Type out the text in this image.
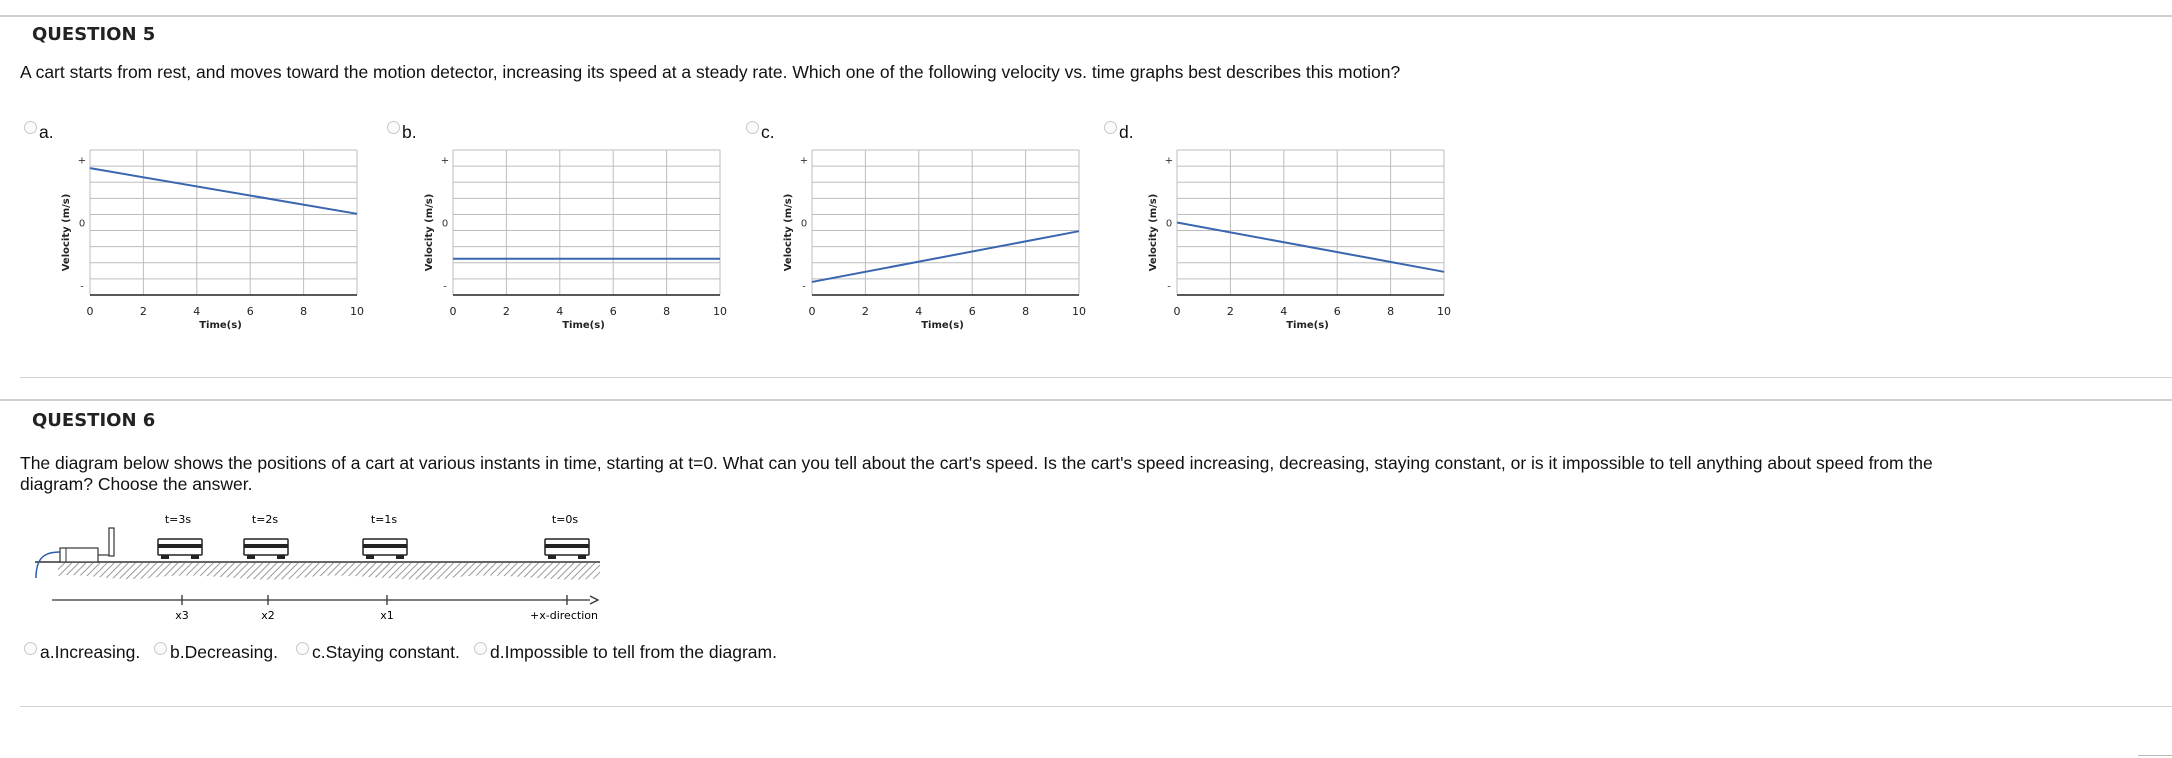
QUESTION 5
A cart starts from rest, and moves toward the motion detector, increasing its speed at a steady rate. Which one of the following velocity vs. time graphs best describes this motion?
a.	b.	c.	d.
+
0
-
0	2	4	6	8	10
Time(s)
Velocity (m/s)
+
0
-
0	2	4	6	8	10
Time(s)
Velocity (m/s)
+
0
-
0	2	4	6	8	10
Time(s)
Velocity (m/s)
+
0
-
0	2	4	6	8	10
Time(s)
Velocity (m/s)
QUESTION 6
The diagram below shows the positions of a cart at various instants in time, starting at t=0. What can you tell about the cart's speed. Is the cart's speed increasing, decreasing, staying constant, or is it impossible to tell anything about speed from the diagram? Choose the answer.
t=3s	t=2s	t=1s	t=0s
x3	x2	x1	+x-direction
a.Increasing. b.Decreasing. c.Staying constant. d.Impossible to tell from the diagram.
